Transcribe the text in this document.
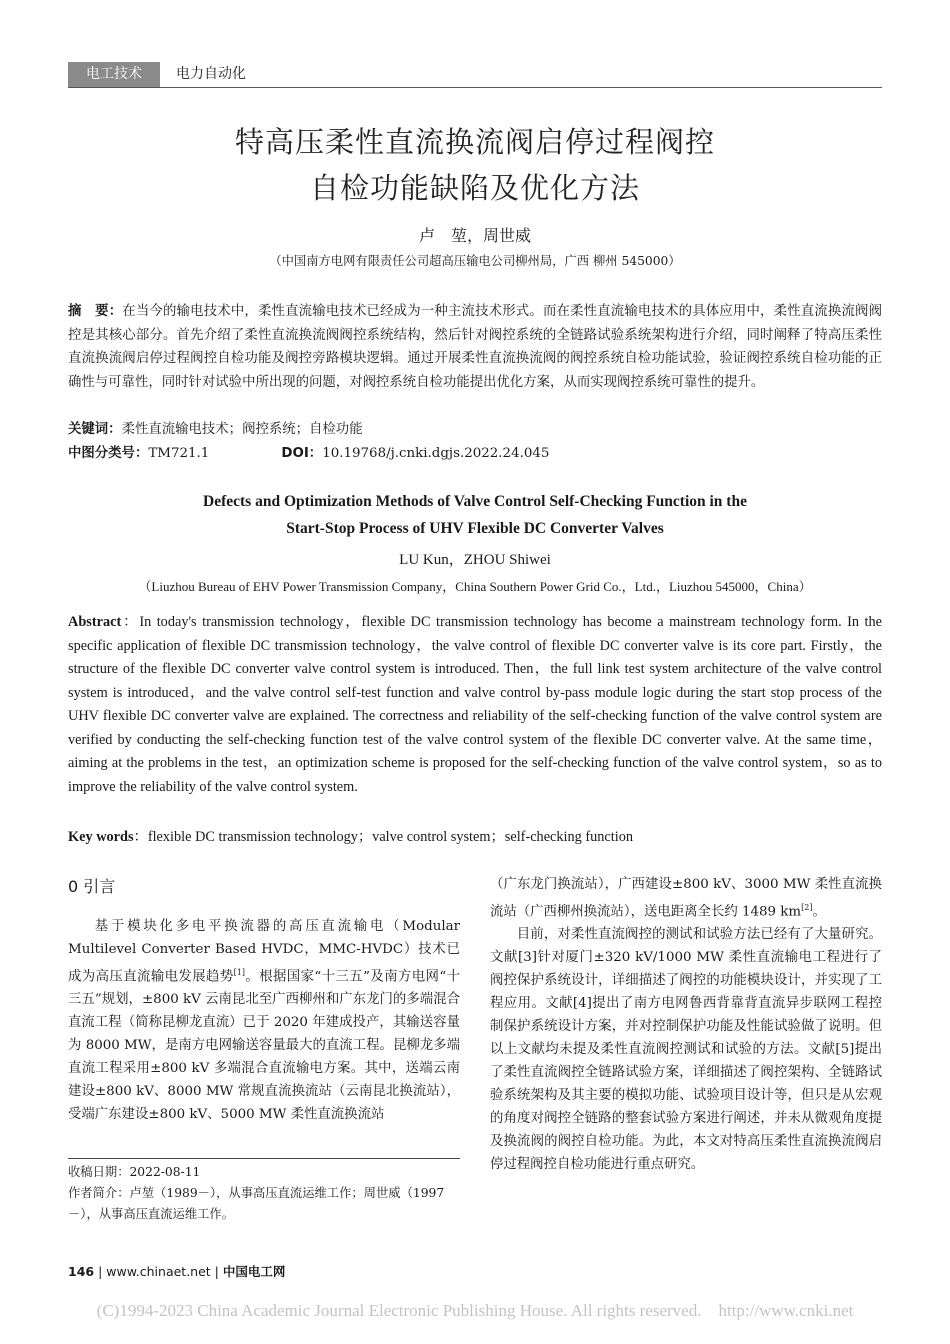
电工技术	电力自动化
特高压柔性直流换流阀启停过程阀控
自检功能缺陷及优化方法
卢　堃，周世威
（中国南方电网有限责任公司超高压输电公司柳州局，广西 柳州 545000）
摘　要：在当今的输电技术中，柔性直流输电技术已经成为一种主流技术形式。而在柔性直流输电技术的具体应用中，柔性直流换流阀阀控是其核心部分。首先介绍了柔性直流换流阀阀控系统结构，然后针对阀控系统的全链路试验系统架构进行介绍，同时阐释了特高压柔性直流换流阀启停过程阀控自检功能及阀控旁路模块逻辑。通过开展柔性直流换流阀的阀控系统自检功能试验，验证阀控系统自检功能的正确性与可靠性，同时针对试验中所出现的问题，对阀控系统自检功能提出优化方案，从而实现阀控系统可靠性的提升。
关键词：柔性直流输电技术；阀控系统；自检功能
中图分类号：TM721.1	DOI：10.19768/j.cnki.dgjs.2022.24.045
Defects and Optimization Methods of Valve Control Self-Checking Function in the
Start-Stop Process of UHV Flexible DC Converter Valves
LU Kun，ZHOU Shiwei
（Liuzhou Bureau of EHV Power Transmission Company，China Southern Power Grid Co.，Ltd.，Liuzhou 545000，China）
Abstract：In today's transmission technology，flexible DC transmission technology has become a mainstream technology form. In the specific application of flexible DC transmission technology，the valve control of flexible DC converter valve is its core part. Firstly，the structure of the flexible DC converter valve control system is introduced. Then，the full link test system architecture of the valve control system is introduced，and the valve control self-test function and valve control by-pass module logic during the start stop process of the UHV flexible DC converter valve are explained. The correctness and reliability of the self-checking function of the valve control system are verified by conducting the self-checking function test of the valve control system of the flexible DC converter valve. At the same time，aiming at the problems in the test，an optimization scheme is proposed for the self-checking function of the valve control system，so as to improve the reliability of the valve control system.
Key words：flexible DC transmission technology；valve control system；self-checking function
0 引言
基于模块化多电平换流器的高压直流输电（Modular Multilevel Converter Based HVDC，MMC-HVDC）技术已成为高压直流输电发展趋势[1]。根据国家“十三五”及南方电网“十三五”规划，±800 kV 云南昆北至广西柳州和广东龙门的多端混合直流工程（简称昆柳龙直流）已于 2020 年建成投产，其输送容量为 8000 MW，是南方电网输送容量最大的直流工程。昆柳龙多端直流工程采用±800 kV 多端混合直流输电方案。其中，送端云南建设±800 kV、8000 MW 常规直流换流站（云南昆北换流站），受端广东建设±800 kV、5000 MW 柔性直流换流站
（广东龙门换流站），广西建设±800 kV、3000 MW 柔性直流换流站（广西柳州换流站），送电距离全长约 1489 km[2]。
目前，对柔性直流阀控的测试和试验方法已经有了大量研究。文献[3]针对厦门±320 kV/1000 MW 柔性直流输电工程进行了阀控保护系统设计，详细描述了阀控的功能模块设计，并实现了工程应用。文献[4]提出了南方电网鲁西背靠背直流异步联网工程控制保护系统设计方案，并对控制保护功能及性能试验做了说明。但以上文献均未提及柔性直流阀控测试和试验的方法。文献[5]提出了柔性直流阀控全链路试验方案，详细描述了阀控架构、全链路试验系统架构及其主要的模拟功能、试验项目设计等，但只是从宏观的角度对阀控全链路的整套试验方案进行阐述，并未从微观角度提及换流阀的阀控自检功能。为此，本文对特高压柔性直流换流阀启停过程阀控自检功能进行重点研究。
收稿日期：2022-08-11
作者简介：卢堃（1989－），从事高压直流运维工作；周世威（1997－），从事高压直流运维工作。
146 | www.chinaet.net | 中国电工网
(C)1994-2023 China Academic Journal Electronic Publishing House. All rights reserved.　http://www.cnki.net
